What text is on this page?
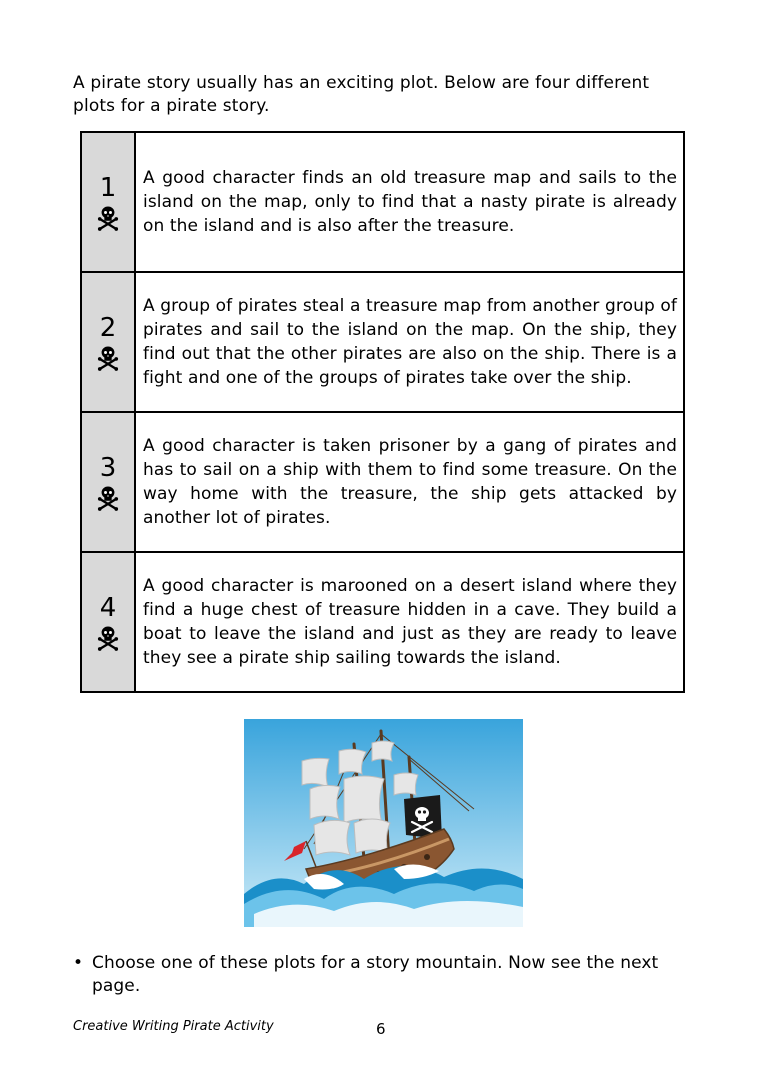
A pirate story usually has an exciting plot. Below are four different plots for a pirate story.

1	A good character finds an old treasure map and sails to the island on the map, only to find that a nasty pirate is already on the island and is also after the treasure.

2	A group of pirates steal a treasure map from another group of pirates and sail to the island on the map. On the ship, they find out that the other pirates are also on the ship. There is a fight and one of the groups of pirates take over the ship.

3	A good character is taken prisoner by a gang of pirates and has to sail on a ship with them to find some treasure. On the way home with the treasure, the ship gets attacked by another lot of pirates.

4	A good character is marooned on a desert island where they find a huge chest of treasure hidden in a cave. They build a boat to leave the island and just as they are ready to leave they see a pirate ship sailing towards the island.
• Choose one of these plots for a story mountain. Now see the next page.
Creative Writing Pirate Activity	6
